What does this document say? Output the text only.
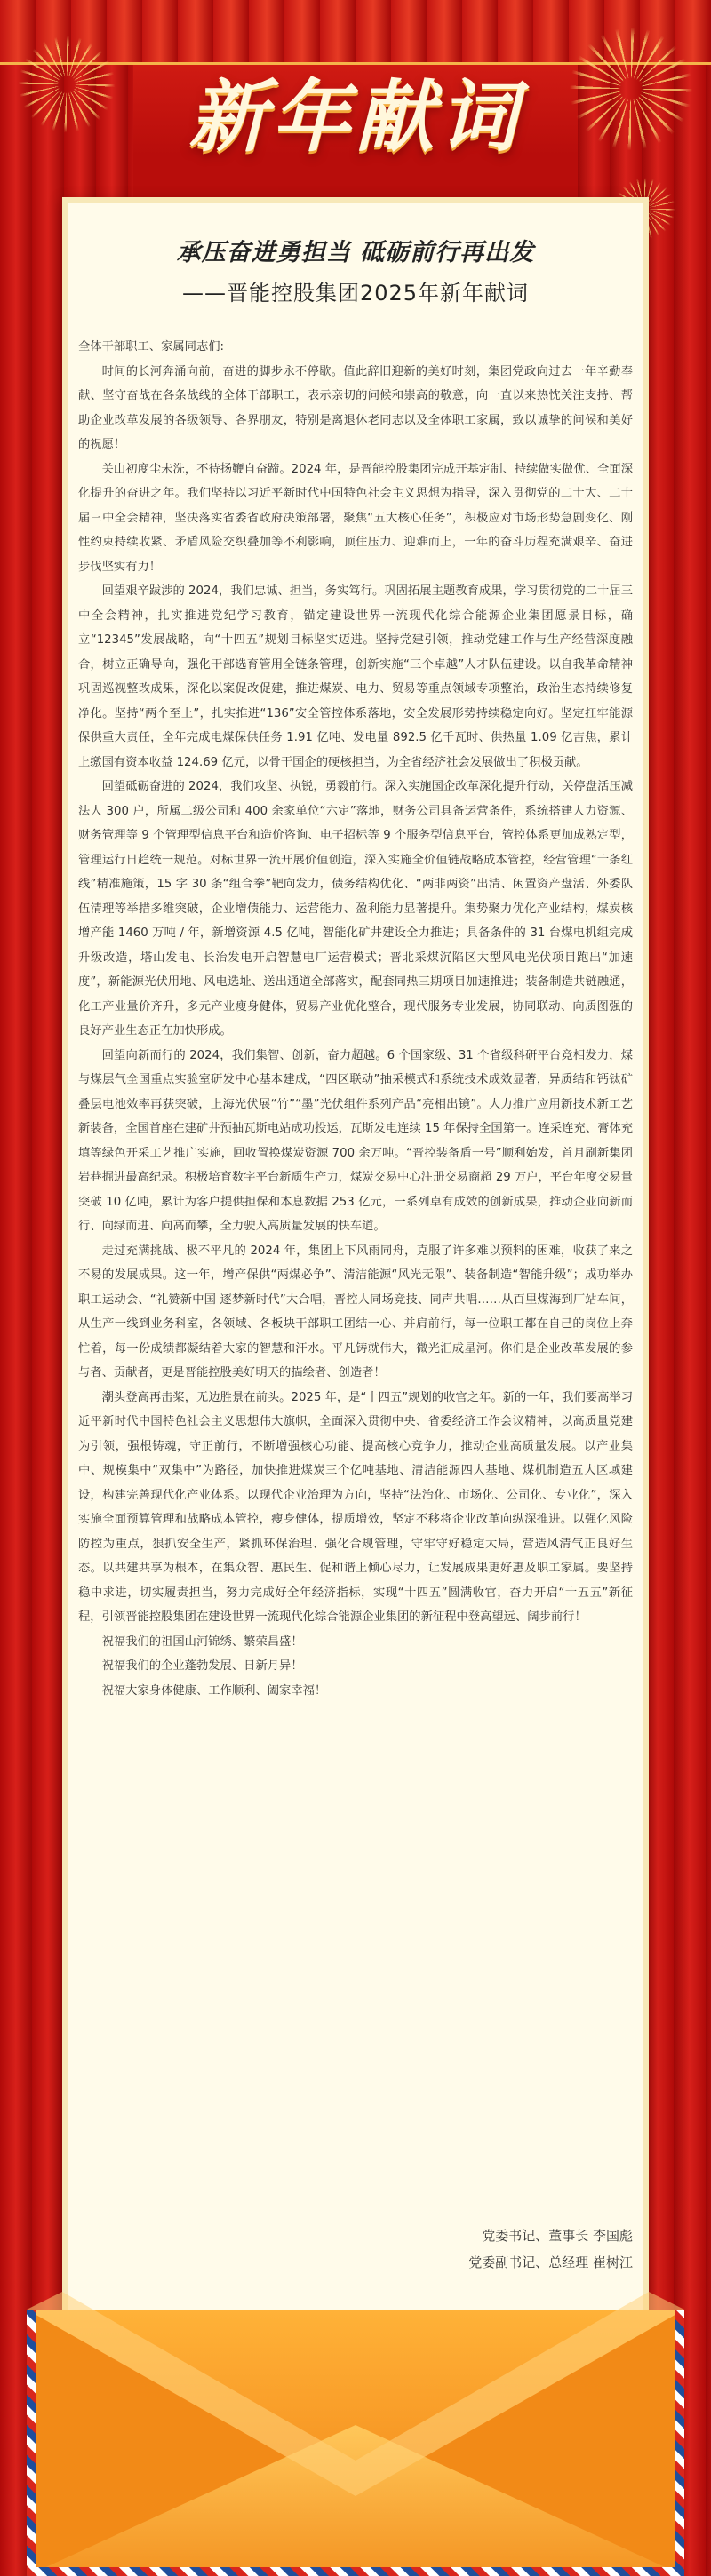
新年献词
承压奋进勇担当 砥砺前行再出发
——晋能控股集团2025年新年献词

全体干部职工、家属同志们:

时间的长河奔涌向前，奋进的脚步永不停歇。值此辞旧迎新的美好时刻，集团党政向过去一年辛勤奉献、坚守奋战在各条战线的全体干部职工，表示亲切的问候和崇高的敬意，向一直以来热忱关注支持、帮助企业改革发展的各级领导、各界朋友，特别是离退休老同志以及全体职工家属，致以诚挚的问候和美好的祝愿！

关山初度尘未洗，不待扬鞭自奋蹄。2024 年，是晋能控股集团完成开基定制、持续做实做优、全面深化提升的奋进之年。我们坚持以习近平新时代中国特色社会主义思想为指导，深入贯彻党的二十大、二十届三中全会精神，坚决落实省委省政府决策部署，聚焦“五大核心任务”，积极应对市场形势急剧变化、刚性约束持续收紧、矛盾风险交织叠加等不利影响，顶住压力、迎难而上，一年的奋斗历程充满艰辛、奋进步伐坚实有力！

回望艰辛跋涉的 2024，我们忠诚、担当，务实笃行。巩固拓展主题教育成果，学习贯彻党的二十届三中全会精神，扎实推进党纪学习教育，锚定建设世界一流现代化综合能源企业集团愿景目标，确立“12345”发展战略，向“十四五”规划目标坚实迈进。坚持党建引领，推动党建工作与生产经营深度融合，树立正确导向，强化干部选育管用全链条管理，创新实施“三个卓越”人才队伍建设。以自我革命精神巩固巡视整改成果，深化以案促改促建，推进煤炭、电力、贸易等重点领域专项整治，政治生态持续修复净化。坚持“两个至上”，扎实推进“136”安全管控体系落地，安全发展形势持续稳定向好。坚定扛牢能源保供重大责任，全年完成电煤保供任务 1.91 亿吨、发电量 892.5 亿千瓦时、供热量 1.09 亿吉焦，累计上缴国有资本收益 124.69 亿元，以骨干国企的硬核担当，为全省经济社会发展做出了积极贡献。

回望砥砺奋进的 2024，我们攻坚、执锐，勇毅前行。深入实施国企改革深化提升行动，关停盘活压减法人 300 户，所属二级公司和 400 余家单位“六定”落地，财务公司具备运营条件，系统搭建人力资源、财务管理等 9 个管理型信息平台和造价咨询、电子招标等 9 个服务型信息平台，管控体系更加成熟定型，管理运行日趋统一规范。对标世界一流开展价值创造，深入实施全价值链战略成本管控，经营管理“十条红线”精准施策，15 字 30 条“组合拳”靶向发力，债务结构优化、“两非两资”出清、闲置资产盘活、外委队伍清理等举措多维突破，企业增债能力、运营能力、盈利能力显著提升。集势聚力优化产业结构，煤炭核增产能 1460 万吨 / 年，新增资源 4.5 亿吨，智能化矿井建设全力推进；具备条件的 31 台煤电机组完成升级改造，塔山发电、长治发电开启智慧电厂运营模式；晋北采煤沉陷区大型风电光伏项目跑出“加速度”，新能源光伏用地、风电选址、送出通道全部落实，配套同热三期项目加速推进；装备制造共链融通，化工产业量价齐升，多元产业瘦身健体，贸易产业优化整合，现代服务专业发展，协同联动、向质图强的良好产业生态正在加快形成。

回望向新而行的 2024，我们集智、创新，奋力超越。6 个国家级、31 个省级科研平台竞相发力，煤与煤层气全国重点实验室研发中心基本建成，“四区联动”抽采模式和系统技术成效显著，异质结和钙钛矿叠层电池效率再获突破，上海光伏展“竹”“墨”光伏组件系列产品“亮相出镜”。大力推广应用新技术新工艺新装备，全国首座在建矿井预抽瓦斯电站成功投运，瓦斯发电连续 15 年保持全国第一。连采连充、膏体充填等绿色开采工艺推广实施，回收置换煤炭资源 700 余万吨。“晋控装备盾一号”顺利始发，首月刷新集团岩巷掘进最高纪录。积极培育数字平台新质生产力，煤炭交易中心注册交易商超 29 万户，平台年度交易量突破 10 亿吨，累计为客户提供担保和本息数据 253 亿元，一系列卓有成效的创新成果，推动企业向新而行、向绿而进、向高而攀，全力驶入高质量发展的快车道。

走过充满挑战、极不平凡的 2024 年，集团上下风雨同舟，克服了许多难以预料的困难，收获了来之不易的发展成果。这一年，增产保供“两煤必争”、清洁能源“风光无限”、装备制造“智能升级”；成功举办职工运动会、“礼赞新中国 逐梦新时代”大合唱，晋控人同场竞技、同声共唱……从百里煤海到厂站车间，从生产一线到业务科室，各领域、各板块干部职工团结一心、并肩前行，每一位职工都在自己的岗位上奔忙着，每一份成绩都凝结着大家的智慧和汗水。平凡铸就伟大，微光汇成星河。你们是企业改革发展的参与者、贡献者，更是晋能控股美好明天的描绘者、创造者！

潮头登高再击桨，无边胜景在前头。2025 年，是“十四五”规划的收官之年。新的一年，我们要高举习近平新时代中国特色社会主义思想伟大旗帜，全面深入贯彻中央、省委经济工作会议精神，以高质量党建为引领，强根铸魂，守正前行，不断增强核心功能、提高核心竞争力，推动企业高质量发展。以产业集中、规模集中“双集中”为路径，加快推进煤炭三个亿吨基地、清洁能源四大基地、煤机制造五大区域建设，构建完善现代化产业体系。以现代企业治理为方向，坚持“法治化、市场化、公司化、专业化”，深入实施全面预算管理和战略成本管控，瘦身健体，提质增效，坚定不移将企业改革向纵深推进。以强化风险防控为重点，狠抓安全生产，紧抓环保治理、强化合规管理，守牢守好稳定大局，营造风清气正良好生态。以共建共享为根本，在集众智、惠民生、促和谐上倾心尽力，让发展成果更好惠及职工家属。要坚持稳中求进，切实履责担当，努力完成好全年经济指标，实现“十四五”圆满收官，奋力开启“十五五”新征程，引领晋能控股集团在建设世界一流现代化综合能源企业集团的新征程中登高望远、阔步前行！

祝福我们的祖国山河锦绣、繁荣昌盛！

祝福我们的企业蓬勃发展、日新月异！

祝福大家身体健康、工作顺利、阖家幸福！

党委书记、董事长 李国彪
党委副书记、总经理 崔树江
